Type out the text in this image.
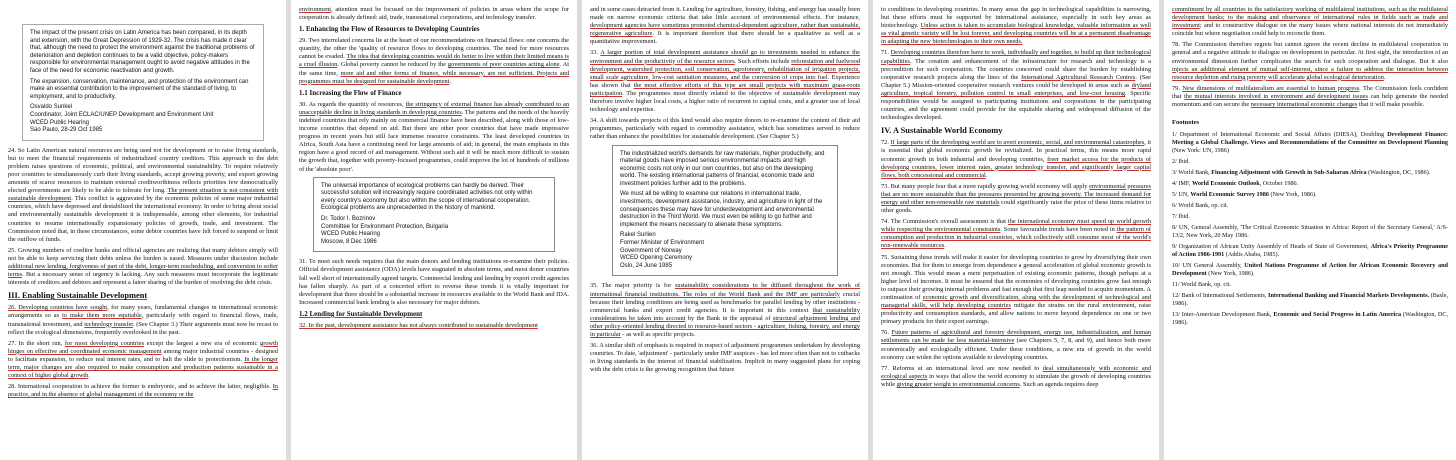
The impact of the present crisis on Latin America has been compared, in its depth and extension, with the Great Depression of 1929-32. The crisis has made it clear that, although the need to protect the environment against the traditional problems of deterioration and depletion continues to be a valid objective, policy-makers responsible for environmental management ought to avoid negative attitudes in the face of the need for economic reactivation and growth.

The expansion, conservation, maintenance, and protection of the environment can make an essential contribution to the improvement of the standard of living, to employment, and to productivity.

Osvaldo Sunkel

Coordinator, Joint ECLAC/UNEP Development and Environment Unit

WCED Public Hearing

Sao Paulo, 28-29 Oct 1985

24. So Latin American natural resources are being used not for development or to raise living standards, but to meet the financial requirements of industrialized country creditors. This approach to the debt problem raises questions of economic, political, and environmental sustainability. To require relatively poor countries to simultaneously curb their living standards, accept growing poverty, and export growing amounts of scarce resources to maintain external creditworthiness reflects priorities few democratically elected governments are likely to be able to tolerate for long. The present situation is not consistent with sustainable development. This conflict is aggravated by the economic policies of some major industrial countries, which have depressed and destabilized the international economy. In order to bring about social and environmentally sustainable development it is indispensable, among other elements, for industrial countries to resume internationally expansionary policies of growth, trade, and investment. The Commission noted that, in these circumstances, some debtor countries have felt forced to suspend or limit the outflow of funds.

25. Growing numbers of creditor banks and official agencies are realizing that many debtors simply will not be able to keep servicing their debts unless the burden is eased. Measures under discussion include additional new lending, forgiveness of part of the debt, longer-term rescheduling, and conversion to softer terms. But a necessary sense of urgency is lacking. Any such measures must incorporate the legitimate interests of creditors and debtors and represent a fairer sharing of the burden of resolving the debt crisis.

III. Enabling Sustainable Development

26. Developing countries have sought, for many years, fundamental changes in international economic arrangements so as to make them more equitable, particularly with regard to financial flows, trade, transnational investment, and technology transfer. (See Chapter 3.) Their arguments must now be recast to reflect the ecological dimensions, frequently overlooked in the past.

27. In the short run, for most developing countries except the largest a new era of economic growth hinges on effective and coordinated economic management among major industrial countries - designed to facilitate expansion, to reduce real interest rates, and to halt the slide to protectionism. In the longer term, major changes are also required to make consumption and production patterns sustainable in a context of higher global growth.

28. International cooperation to achieve the former is embryonic, and to achieve the latter, negligible. In practice, and in the absence of global management of the economy or the

environment, attention must be focused on the improvement of policies in areas where the scope for cooperation is already defined: aid, trade, transnational corporations, and technology transfer.

1. Enhancing the Flow of Resources to Developing Countries

29. Two interrelated concerns lie at the heart of our recommendations on financial flows: one concerns the quantity, the other the 'quality of resource flows to developing countries. The need for more resources cannot be evaded. The idea that developing countries would do better to live within their limited means is a cruel illusion. Global poverty cannot be reduced by the governments of poor countries acting alone. At the same time, more aid and other forms of finance, while necessary, are not sufficient. Projects and programmes must be designed for sustainable development.

1.1 Increasing the Flow of Finance

30. As regards the quantity of resources, the stringency of external finance has already contributed to an unacceptable decline in living standards in developing countries. The patterns and the needs of the heavily indebted countries that rely mainly on commercial finance have been described, along with those of low-income countries that depend on aid. But there are other poor countries that have made impressive progress in recent years but still face immense resource constraints. The least developed countries in Africa, South Asia have a continuing need for large amounts of aid; in general, the main emphasis in this region have a good record of aid management. Without such aid it will be much more difficult to sustain the growth that, together with poverty-focused programmes, could improve the lot of hundreds of millions of the 'absolute poor'.

The universal importance of ecological problems can hardly be denied. Their successful solution will increasingly require coordinated activities not only within every country's economy but also within the scope of international cooperation. Ecological problems are unprecedented in the history of mankind.

Dr. Todor I. Bozrinov

Committee for Environment Protection, Bulgaria

WCED Public Hearing

Moscow, 8 Dec 1986

31. To meet such needs requires that the main donors and lending institutions re-examine their policies. Official development assistance (ODA) levels have stagnated in absolute terms, and most donor countries fall well short of internationally agreed targets. Commercial lending and lending by export credit agencies has fallen sharply. As part of a concerted effort to reverse these trends it is vitally important for development that there should be a substantial increase in resources available to the World Bank and IDA. Increased commercial bank lending is also necessary for major debtors.

1.2 Lending for Sustainable Development

32. In the past, development assistance has not always contributed to sustainable development

and in some cases detracted from it. Lending for agriculture, forestry, fishing, and energy has usually been made on narrow economic criteria that take little account of environmental effects. For instance, development agencies have sometimes promoted chemical-dependent agriculture, rather than sustainable, regenerative agriculture. It is important therefore that there should be a qualitative as well as a quantitative improvement.

33. A larger portion of total development assistance should go to investments needed to enhance the environment and the productivity of the resource sectors. Such efforts include reforestation and fuelwood development, watershed protection, soil conservation, agroforestry, rehabilitation of irrigation projects, small scale agriculture, low-cost sanitation measures, and the conversion of crops into fuel. Experience has shown that the most effective efforts of this type are small projects with maximum grass-roots participation. The programmes most directly related to the objective of sustainable development may therefore involve higher local costs, a higher ratio of recurrent to capital costs, and a greater use of local technology and expertise.

34. A shift towards projects of this kind would also require donors to re-examine the content of their aid programmes, particularly with regard to commodity assistance, which has sometimes served to reduce rather than enhance the possibilities for sustainable development. (See Chapter 5.)

The industrialized world's demands for raw materials, higher productivity, and material goods have imposed serious environmental impacts and high economic costs not only in our own countries, but also on the developing world. The existing international patterns of financial, economic trade and investment policies further add to the problems.

We must all be willing to examine our relations in international trade, investments, development assistance, industry, and agriculture in light of the consequences these may have for underdevelopment and environmental destruction in the Third World. We must even be willing to go further and implement the means necessary to alienate these symptoms.

Rakel Surlien

Former Minister of Environment

Government of Norway

WCED Opening Ceremony

Oslo, 24 June 1985

35. The major priority is for sustainability considerations to be diffused throughout the work of international financial institutions. The roles of the World Bank and the IMF are particularly crucial because their lending conditions are being used as benchmarks for parallel lending by other institutions - commercial banks and export credit agencies. It is important in this context that sustainability considerations be taken into account by the Bank in the appraisal of structural adjustment lending and other policy-oriented lending directed to resource-based sectors - agriculture, fishing, forestry, and energy in particular - as well as specific projects.

36. A similar shift of emphasis is required in respect of adjustment programmes undertaken by developing countries. To date, 'adjustment' - particularly under IMF auspices - has led more often than not to cutbacks in living standards in the interest of financial stabilization. Implicit in many suggested plans for coping with the debt crisis is the growing recognition that future

to conditions in developing countries. In many areas the gap in technological capabilities is narrowing, but these efforts must be supported by international assistance, especially in such key areas as biotechnology. Unless action is taken to accumulate biological knowledge, valuable information as well as vital genetic variety will be lost forever, and developing countries will be at a permanent disadvantage in adapting the new biotechnologies to their own needs.

71. Developing countries therefore have to work, individually and together, to build up their technological capabilities. The creation and enhancement of the infrastructure for research and technology is a precondition for such cooperation. The countries concerned could share the burden by establishing cooperative research projects along the lines of the International Agricultural Research Centres. (See Chapter 5.) Mission-oriented cooperative research ventures could be developed in areas such as dryland agriculture, tropical forestry, pollution control in small enterprises, and low-cost housing. Specific responsibilities would be assigned to participating institutions and corporations in the participating countries, and the agreement could provide for the equitable sharing and widespread diffusion of the technologies developed.

IV. A Sustainable World Economy

72. If large parts of the developing world are to avert economic, social, and environmental catastrophes, it is essential that global economic growth be revitalized. In practical terms, this means more rapid economic growth in both industrial and developing countries, freer market access for the products of developing countries, lower interest rates, greater technology transfer, and significantly larger capital flows, both concessional and commercial.

73. But many people fear that a more rapidly growing world economy will apply environmental pressures that are no more sustainable than the pressures presented by growing poverty. The increased demand for energy and other non-renewable raw materials could significantly raise the price of these items relative to other goods.

74. The Commission's overall assessment is that the international economy must speed up world growth while respecting the environmental constraints. Some favourable trends have been noted in the pattern of consumption and production in industrial countries, which collectively still consume most of the world's non-renewable resources.

75. Sustaining these trends will make it easier for developing countries to grow by diversifying their own economies. But for them to emerge from dependence a general acceleration of global economic growth is not enough. This would mean a mere perpetuation of existing economic patterns, though perhaps at a higher level of incomes. It must be ensured that the economies of developing countries grow fast enough to outpace their growing internal problems and fast enough that first leap needed to acquire momentum. A continuation of economic growth and diversification, along with the development of technological and managerial skills, will help developing countries mitigate the strains on the rural environment, raise productivity and consumption standards, and allow nations to move beyond dependence on one or two primary products for their export earnings.

76. Future patterns of agricultural and forestry development, energy use, industrialization, and human settlements can be made far less material-intensive (see Chapters 5, 7, 8, and 9), and hence both more economically and ecologically efficient. Under these conditions, a new era of growth in the world economy can widen the options available to developing countries.

77. Reforms at an international level are now needed to deal simultaneously with economic and ecological aspects in ways that allow the world economy to stimulate the growth of developing countries while giving greater weight to environmental concerns. Such an agenda requires deep

commitment by all countries to the satisfactory working of multilateral institutions, such as the multilateral development banks; to the making and observance of international rules in fields such as trade and investment; and to constructive dialogue on the many issues where national interests do not immediately coincide but where negotiation could help to reconcile them.

78. The Commission therefore regrets but cannot ignore the recent decline in multilateral cooperation in general and a negative attitude to dialogue on development in particular. At first sight, the introduction of an environmental dimension further complicates the search for such cooperation and dialogue. But it also injects an additional element of mutual self-interest, since a failure to address the interaction between resource depletion and rising poverty will accelerate global ecological deterioration.

79. New dimensions of multilateralism are essential to human progress. The Commission feels confident that the mutual interests involved in environment and development issues can help generate the needed momentum and can secure the necessary international economic changes that it will make possible.

Footnotes

1/ Department of International Economic and Social Affairs (DIESA), Doubling Development Finance: Meeting a Global Challenge. Views and Recommendations of the Committee on Development Planning (New York: UN, 1986)

2/ Ibid.

3/ World Bank, Financing Adjustment with Growth in Sub-Saharan Africa (Washington, DC, 1986).

4/ IMF, World Economic Outlook, October 1986.

5/ UN, World Economic Survey 1986 (New York, 1986).

6/ World Bank, op. cit.

7/ Ibid.

8/ UN, General Assembly, 'The Critical Economic Situation in Africa: Report of the Secretary General,' A/S-13/2, New York, 20 May 1986.

9/ Organization of African Unity Assembly of Heads of State of Government, Africa's Priority Programme of Action 1986-1991 (Addis Ababa, 1985).

10/ UN General Assembly, United Nations Programme of Action for African Economic Recovery and Development (New York, 1986).

11/ World Bank, op. cit.

12/ Bank of International Settlements, International Banking and Financial Markets Developments. (Basle, 1986).

13/ Inter-American Development Bank, Economic and Social Progress in Latin America (Washington, DC, 1986).
